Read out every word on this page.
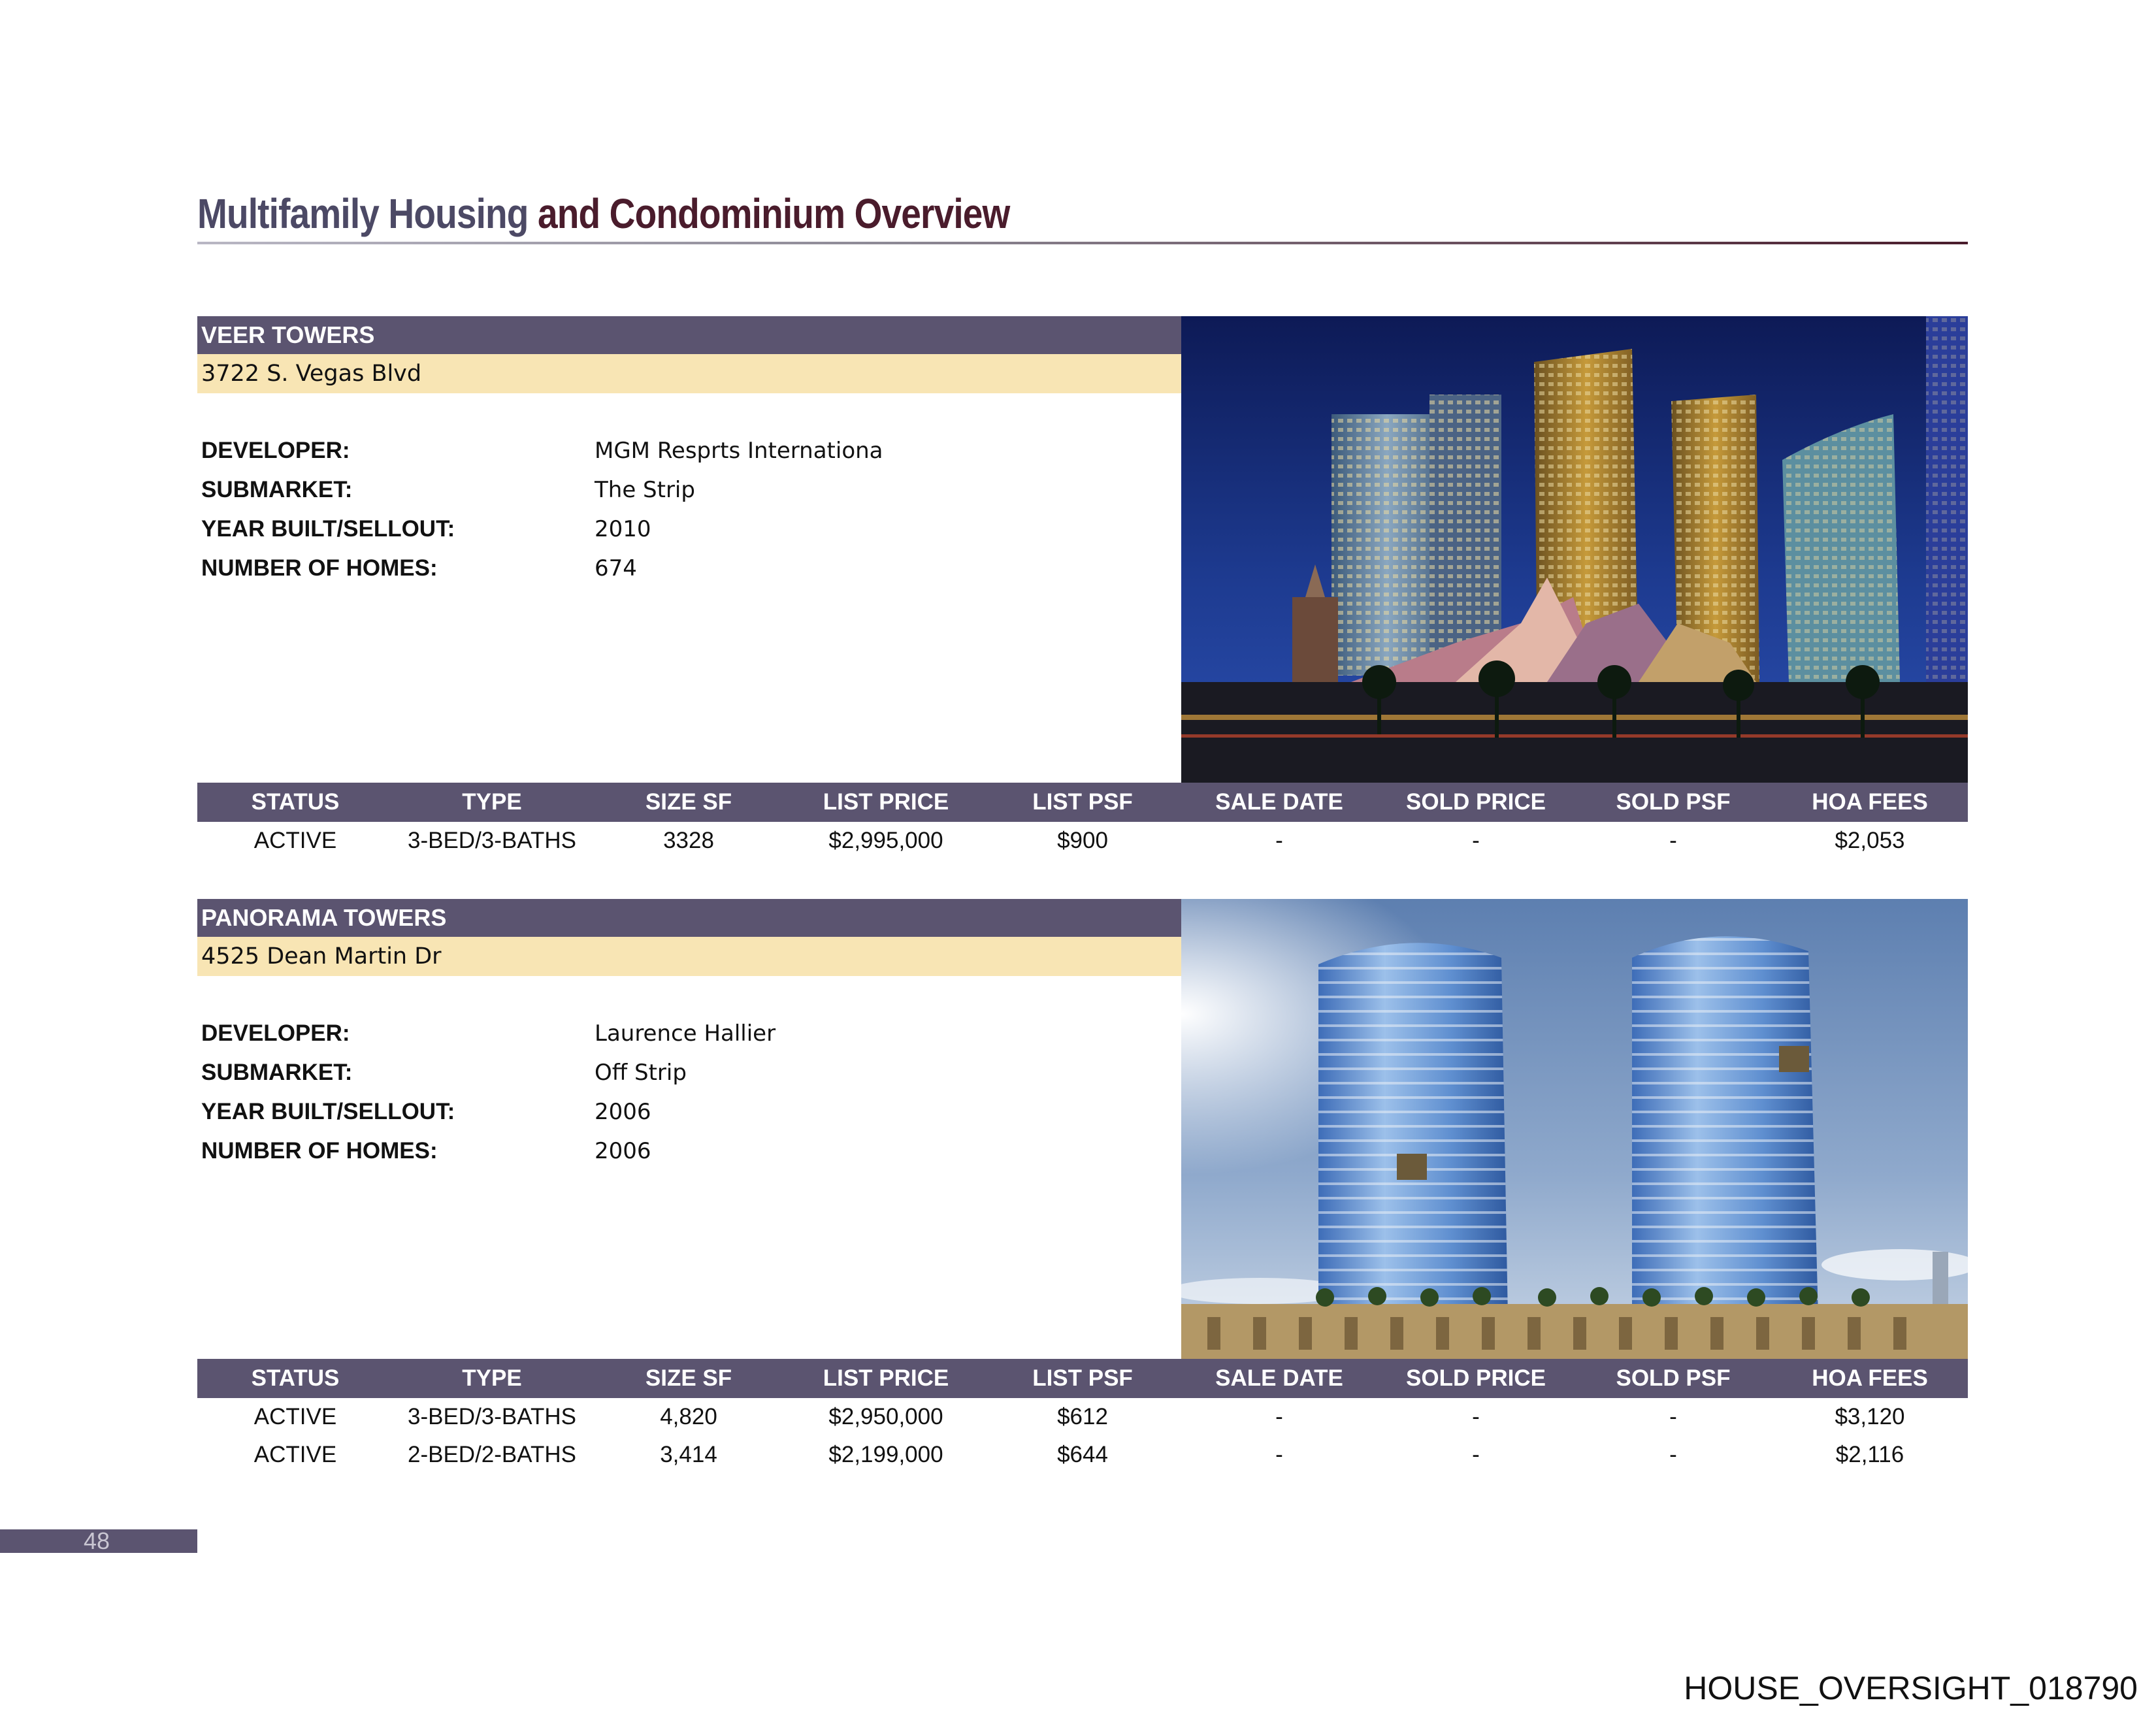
Multifamily Housing and Condominium Overview
VEER TOWERS
3722 S. Vegas Blvd
DEVELOPER:	MGM Resprts Internationa
SUBMARKET:	The Strip
YEAR BUILT/SELLOUT:	2010
NUMBER OF HOMES:	674
STATUS	TYPE	SIZE SF	LIST PRICE	LIST PSF	SALE DATE	SOLD PRICE	SOLD PSF	HOA FEES
ACTIVE	3-BED/3-BATHS	3328	$2,995,000	$900	-	-	-	$2,053
PANORAMA TOWERS
4525 Dean Martin Dr
DEVELOPER:	Laurence Hallier
SUBMARKET:	Off Strip
YEAR BUILT/SELLOUT:	2006
NUMBER OF HOMES:	2006
STATUS	TYPE	SIZE SF	LIST PRICE	LIST PSF	SALE DATE	SOLD PRICE	SOLD PSF	HOA FEES
ACTIVE	3-BED/3-BATHS	4,820	$2,950,000	$612	-	-	-	$3,120
ACTIVE	2-BED/2-BATHS	3,414	$2,199,000	$644	-	-	-	$2,116
48
HOUSE_OVERSIGHT_018790
